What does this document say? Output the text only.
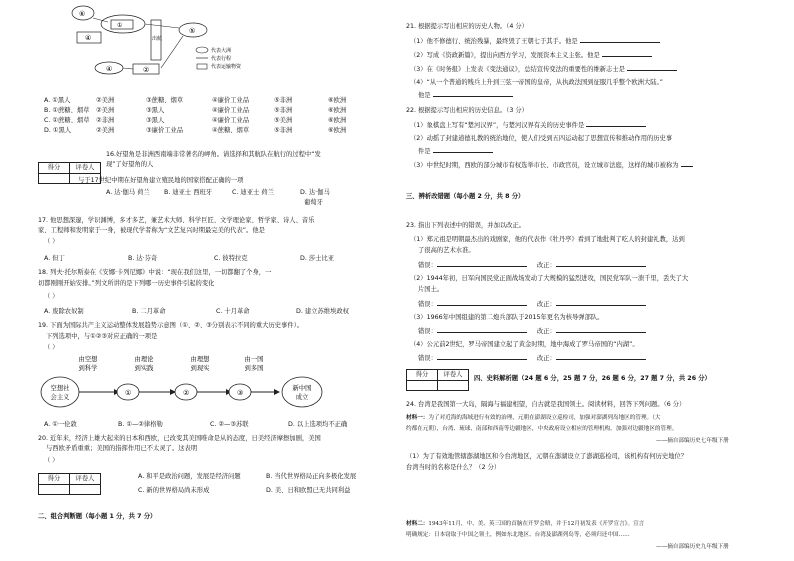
⑥
④
①
出航
⑤
④	②
代表大洲
代表行程
代表运输物资
A. ①黑人	②美洲	③蔗糖、烟草	④廉价工业品	⑤非洲	⑥欧洲
B. ①蔗糖、烟草 ②美洲	③黑人	④廉价工业品	⑤非洲	⑥欧洲
C. ①蔗糖、烟草 ②非洲	③黑人	④廉价工业品	⑤美洲	⑥欧洲
D. ①黑人	②美洲	③廉价工业品	④蔗糖、烟草	⑤非洲	⑥欧洲
得分	评卷人

16.好望角是非洲西南端非常著名的岬角。请选择和其航队在航行的过程中“发
现”了好望角的人
与于17世纪中期在好望角建立殖民地的国家搭配正确的一项
A. 达·伽马 荷兰 B. 迪亚士 西班牙	C. 迪亚士 荷兰	D. 达·伽马
葡萄牙
17. 他思想深邃，学识渊博，多才多艺，兼艺术大师、科学巨匠、文学理论家、哲学家、诗人、音乐
家、工程师和发明家于一身，被现代学者称为“文艺复兴时期最完美的代表”。他是
（ ）
A. 但丁	B. 达·芬奇	C. 彼特拉克	D. 莎士比亚
18. 列夫·托尔斯泰在《安娜·卡列尼娜》中说：“现在我们这里，一切都翻了个身，一
切都刚刚开始安排。”列文所讲的是下列哪一历史事件引起的变化
（ ）
A. 废除农奴制	B. 二月革命	C. 十月革命	D. 建立苏维埃政权
19. 下面为国际共产主义运动整体发展趋势示意图（①、②、③分别表示不同的重大历史事件）。
下列选项中，与①②③对应正确的一项是
（ ）
由空想到科学
由理论到实践
由理想到现实
由一国到多国
空想社会主义
①	②	③
新中国成立
A. ①一伦敦	B. ①—②律格勒	C. ②—③苏联	D. 以上选项均不正确
20. 近年来，经济上雄大起来的日本和西欧，已改变其美国唯命是从的态度，日美经济摩擦加剧，美国
与西欧矛盾重重；美国的指挥作用已不太灵了。这表明
（ ）
得分	评卷人
		A. 和平是政治问题，发展是经济问题	B. 当代世界格局正向多极化发展
C. 新的世界格局尚未形成	D. 美、日和欧盟已无共同利益
二、组合判断题（每小题 1 分，共 7 分）
21. 根据提示写出相应的历史人物。（4 分）
（1）他不修德行、统治残暴，最终毁了王朝七于其手。他是
（2）写成《资政新篇》，提出向西方学习，发展资本主义主张。他是
（3）在《时务报》上发表《变法通议》，总结宣传变法的重要性的维新志士是
（4）“从一个普通的贱兵上升到三弦一帝国的皇帝，从执政法国到征服几乎整个欧洲大陆。”
他是
22. 根据提示写出相应的历史信息。（3 分）
（1）象棋盘上写有“楚河汉界”，与楚河汉界有关的历史事件是
（2）动摇了封建道德礼教的统治地位，使人们受到五四运动起了思想宣传和推动作用的历史事
件是
（3）中世纪时期，西欧的部分城市有权选举市长、市政官员，设立城市法庭，这样的城市被称为
三、辨析改错题（每小题 2 分，共 8 分）
23. 指出下列表述中的错误，并加以改正。
（1）郑元祖是明朝最杰出的戏剧家，他的代表作《牡丹亭》看到了地批判了吃人的封建礼教，达到
了很高的艺术水准。
错误：	改正：
（2）1944年初，日军向国民党正面战场发动了大规模的猛烈进攻，国民党军队一溃千里，丢失了大
片国土。
错误：	改正：
（3）1966年中国组建的第二炮兵部队于2015年更名为核导弹部队。
错误：	改正：
（4）公元前2世纪，罗马帝国建立起了黄金时期，地中海成了罗马帝国的“内湖”。
错误：	改正：
得分	评卷人

四、史料解析题（24 题 6 分，25 题 7 分，26 题 6 分，27 题 7 分，共 26 分）
24. 台湾是我国第一大岛，隔海与福建相望，自古就是我国领土。阅读材料，回答下列问题。（6 分）
材料一：为了对近海的海域进行有效的治理，元朝在澎湖设立巡检司，加强对澎湖列岛地区的管理。（大
约都在元朝），台湾、琉球、南部和西南等边疆地区，中央政府设立相应的管理机构，加强对边疆地区的管理。
——摘自部编历史七年级下册
（1）为了有效地管辖澎湖地区和今台湾地区，元朝在澎湖设立了澎湖巡检司，该机构有何历史地位？
台湾当时的名称是什么？（2 分）
材料二：1943年11月，中、美、英三国的首脑在开罗会晤，并于12月初发表《开罗宣言》。宣言
明确规定：日本窃取于中国之领土，例如东北地区、台湾及澎湖列岛等，必须归还中国……
——摘自部编历史九年级下册
